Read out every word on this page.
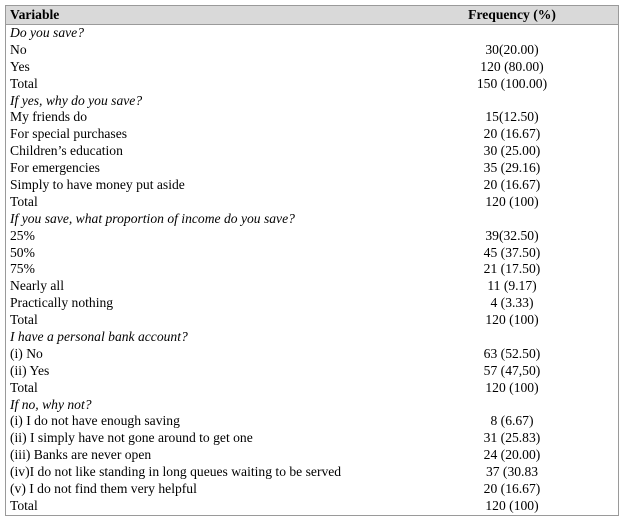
Variable	Frequency (%)
Do you save?
No	30(20.00)
Yes	120 (80.00)
Total	150 (100.00)
If yes, why do you save?
My friends do	15(12.50)
For special purchases	20 (16.67)
Children’s education	30 (25.00)
For emergencies	35 (29.16)
Simply to have money put aside	20 (16.67)
Total	120 (100)
If you save, what proportion of income do you save?
25%	39(32.50)
50%	45 (37.50)
75%	21 (17.50)
Nearly all	11 (9.17)
Practically nothing	4 (3.33)
Total	120 (100)
I have a personal bank account?
(i) No	63 (52.50)
(ii) Yes	57 (47,50)
Total	120 (100)
If no, why not?
(i) I do not have enough saving	8 (6.67)
(ii) I simply have not gone around to get one	31 (25.83)
(iii) Banks are never open	24 (20.00)
(iv)I do not like standing in long queues waiting to be served	37 (30.83
(v) I do not find them very helpful	20 (16.67)
Total	120 (100)
